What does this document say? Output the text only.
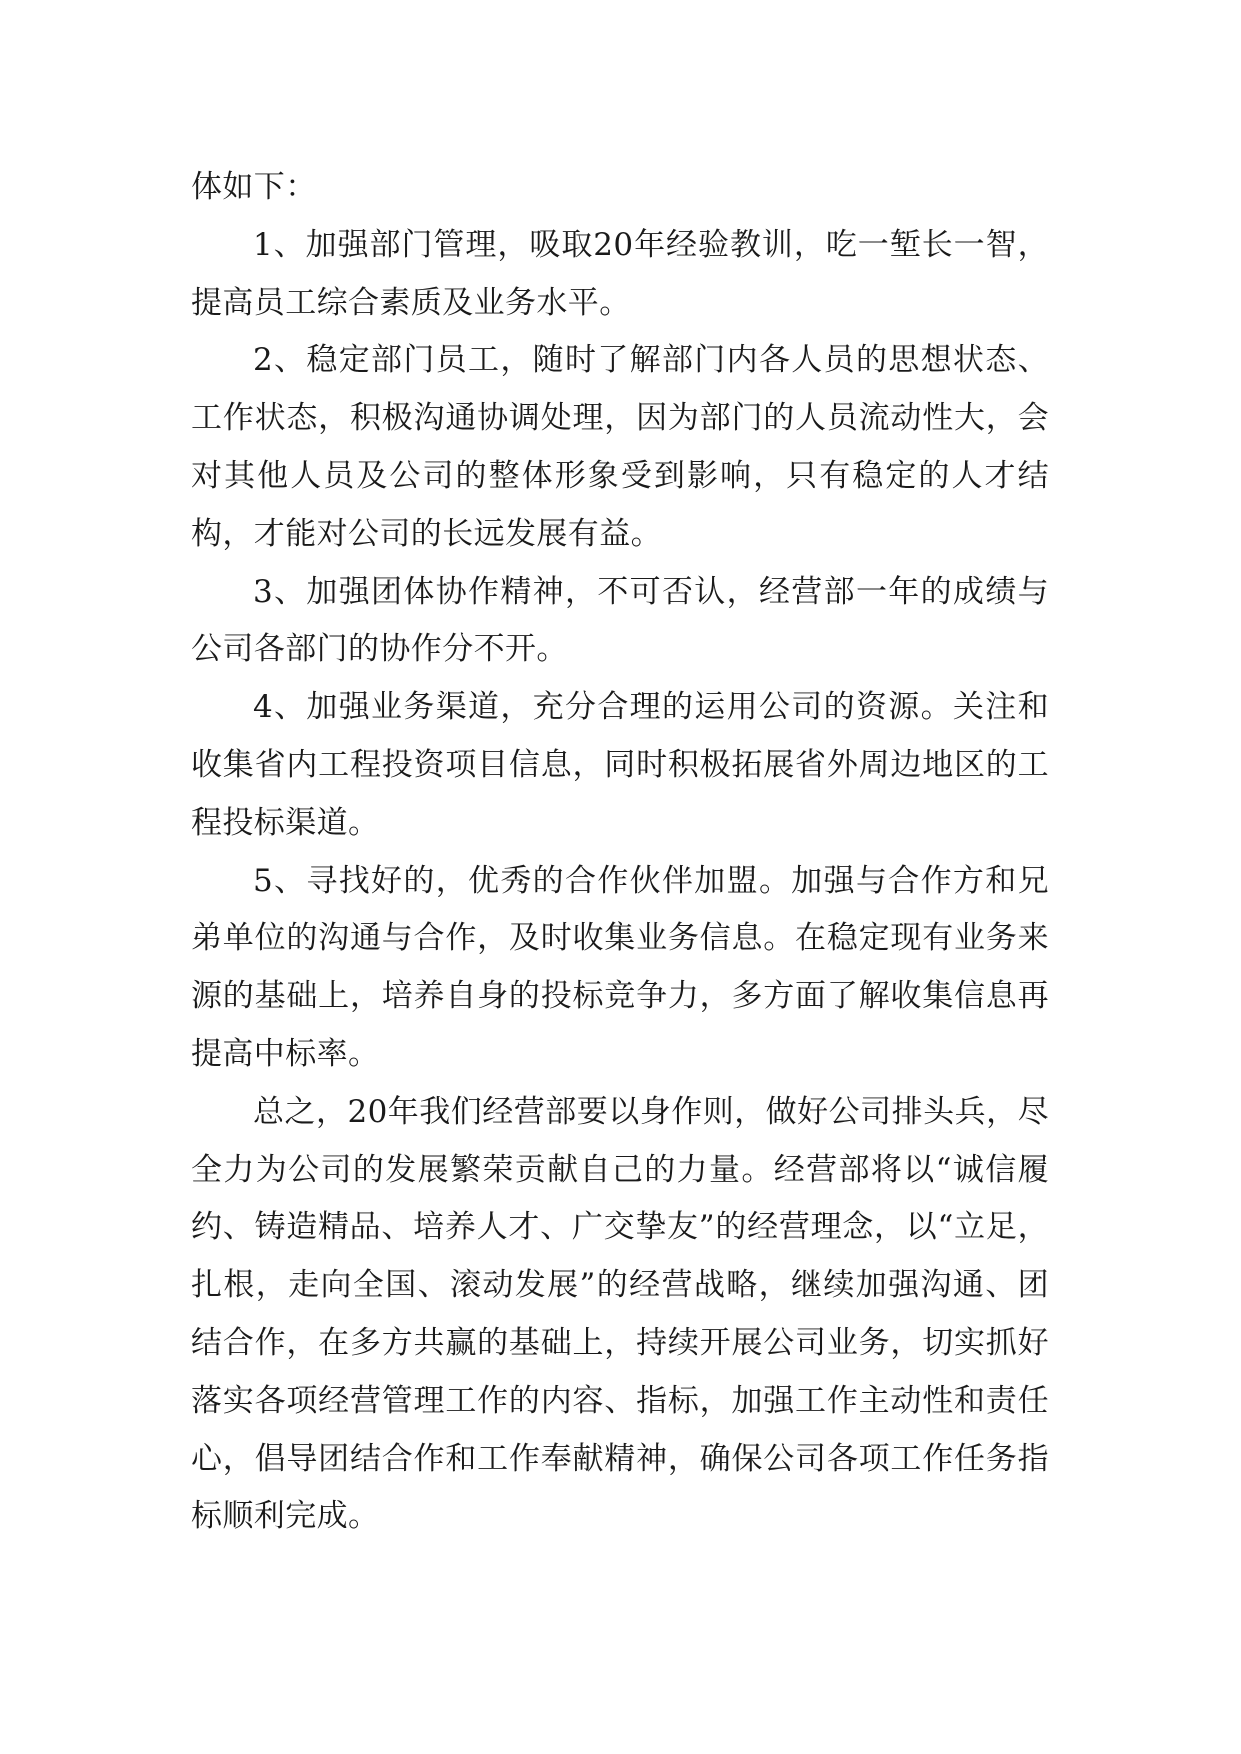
体如下：

1、加强部门管理，吸取20年经验教训，吃一堑长一智，提高员工综合素质及业务水平。

2、稳定部门员工，随时了解部门内各人员的思想状态、工作状态，积极沟通协调处理，因为部门的人员流动性大，会对其他人员及公司的整体形象受到影响，只有稳定的人才结构，才能对公司的长远发展有益。

3、加强团体协作精神，不可否认，经营部一年的成绩与公司各部门的协作分不开。

4、加强业务渠道，充分合理的运用公司的资源。关注和收集省内工程投资项目信息，同时积极拓展省外周边地区的工程投标渠道。

5、寻找好的，优秀的合作伙伴加盟。加强与合作方和兄弟单位的沟通与合作，及时收集业务信息。在稳定现有业务来源的基础上，培养自身的投标竞争力，多方面了解收集信息再提高中标率。

总之，20年我们经营部要以身作则，做好公司排头兵，尽全力为公司的发展繁荣贡献自己的力量。经营部将以“诚信履约、铸造精品、培养人才、广交挚友”的经营理念，以“立足，扎根，走向全国、滚动发展”的经营战略，继续加强沟通、团结合作，在多方共赢的基础上，持续开展公司业务，切实抓好落实各项经营管理工作的内容、指标，加强工作主动性和责任心，倡导团结合作和工作奉献精神，确保公司各项工作任务指标顺利完成。
